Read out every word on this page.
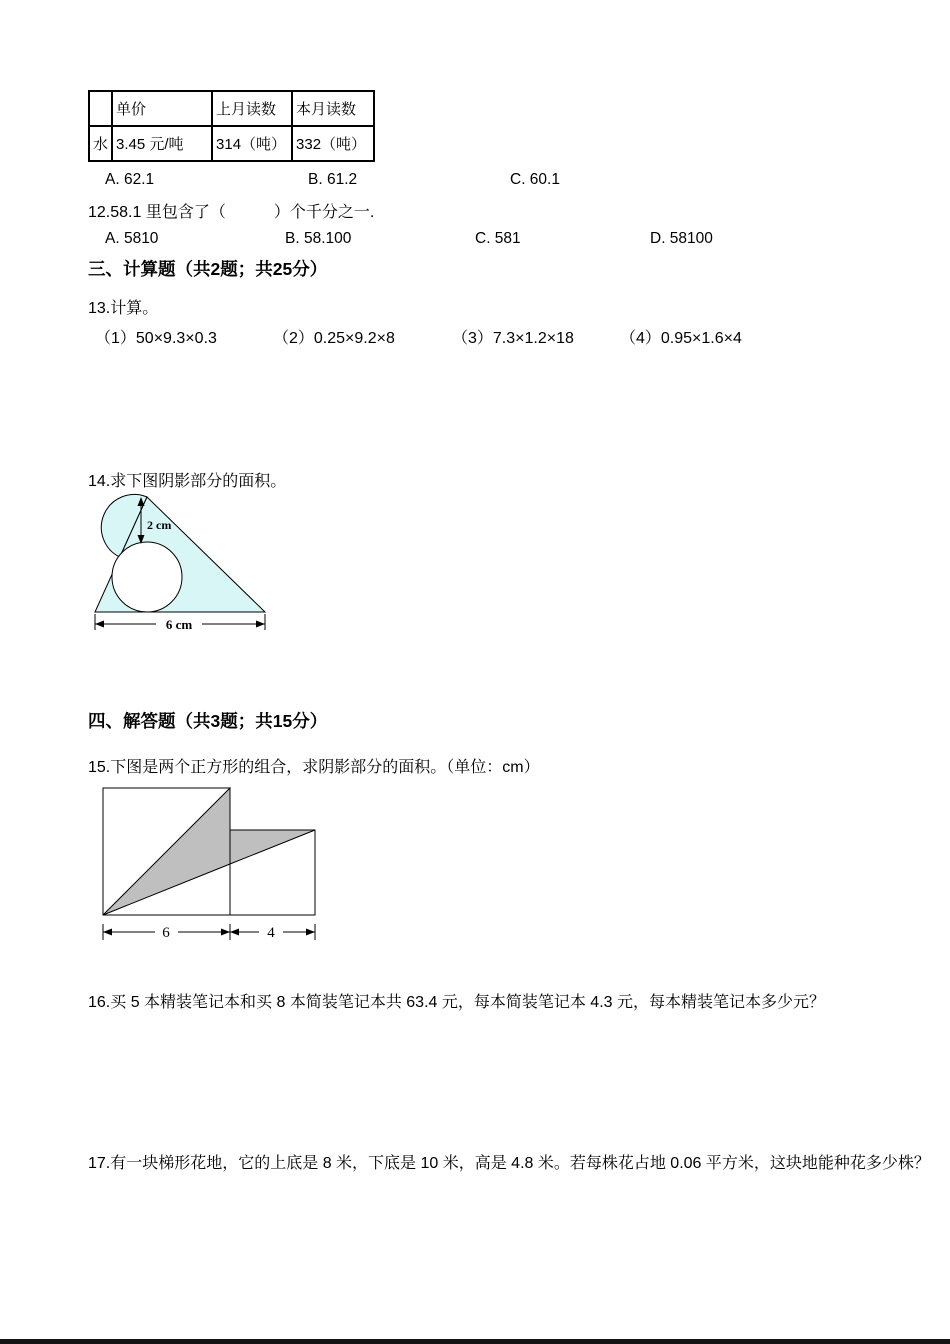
	单价	上月读数	本月读数
水	3.45 元/吨	314（吨）	332（吨）
A. 62.1	B. 61.2	C. 60.1
12.58.1 里包含了（　　　）个千分之一.
A. 5810	B. 58.100	C. 581	D. 58100
三、计算题（共2题；共25分）
13.计算。
（1）50×9.3×0.3	（2）0.25×9.2×8	（3）7.3×1.2×18	（4）0.95×1.6×4
14.求下图阴影部分的面积。
2 cm
6 cm
四、解答题（共3题；共15分）
15.下图是两个正方形的组合，求阴影部分的面积。（单位：cm）
6	4
16.买 5 本精装笔记本和买 8 本简装笔记本共 63.4 元，每本简装笔记本 4.3 元，每本精装笔记本多少元？
17.有一块梯形花地，它的上底是 8 米，下底是 10 米，高是 4.8 米。若每株花占地 0.06 平方米，这块地能种花多少株？
